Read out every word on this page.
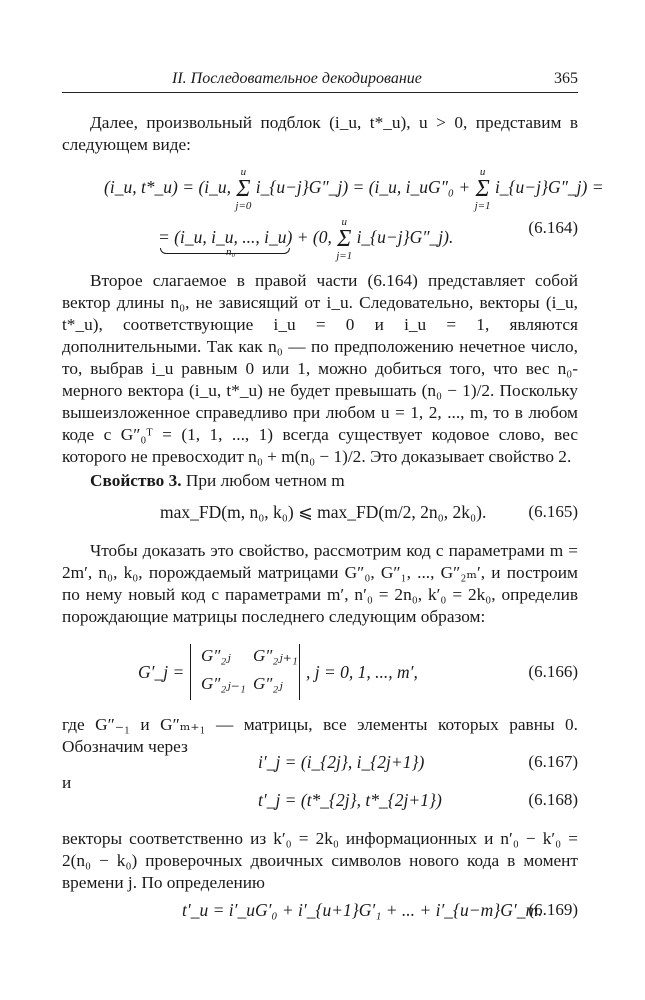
II. Последовательное декодирование	365

Далее, произвольный подблок (i_u, t*_u), u > 0, представим в следующем виде:

(i_u, t*_u) = (i_u,
u
Σ
j=0
i_{u−j}G″_j) = (i_u, i_uG″₀ +
u
Σ
j=1
i_{u−j}G″_j) =
= (i_u, i_u, ..., i_u) + (0,
u
Σ
j=1
i_{u−j}G″_j).
n₀
(6.164)

Второе слагаемое в правой части (6.164) представляет собой вектор длины n₀, не зависящий от i_u. Следовательно, векторы (i_u, t*_u), соответствующие i_u = 0 и i_u = 1, являются дополнительными. Так как n₀ — по предположению нечетное число, то, выбрав i_u равным 0 или 1, можно добиться того, что вес n₀-мерного вектора (i_u, t*_u) не будет превышать (n₀ − 1)/2. Поскольку вышеизложенное справедливо при любом u = 1, 2, ..., m, то в любом коде с G″₀ᵀ = (1, 1, ..., 1) всегда существует кодовое слово, вес которого не превосходит n₀ + m(n₀ − 1)/2. Это доказывает свойство 2.

Свойство 3. При любом четном m

max_FD(m, n₀, k₀) ⩽ max_FD(m/2, 2n₀, 2k₀). (6.165)

Чтобы доказать это свойство, рассмотрим код с параметрами m = 2m′, n₀, k₀, порождаемый матрицами G″₀, G″₁, ..., G″₂ₘ′, и построим по нему новый код с параметрами m′, n′₀ = 2n₀, k′₀ = 2k₀, определив порождающие матрицы последнего следующим образом:

G′_j =
G″₂ⱼ G″₂ⱼ₊₁
G″₂ⱼ₋₁ G″₂ⱼ
, j = 0, 1, ..., m′,	(6.166)

где G″₋₁ и G″ₘ₊₁ — матрицы, все элементы которых равны 0. Обозначим через

i′_j = (i_{2j}, i_{2j+1})	(6.167)

и

t′_j = (t*_{2j}, t*_{2j+1})	(6.168)

векторы соответственно из k′₀ = 2k₀ информационных и n′₀ − k′₀ = 2(n₀ − k₀) проверочных двоичных символов нового кода в момент времени j. По определению

t′_u = i′_uG′₀ + i′_{u+1}G′₁ + ... + i′_{u−m}G′_m.
(6.169)
